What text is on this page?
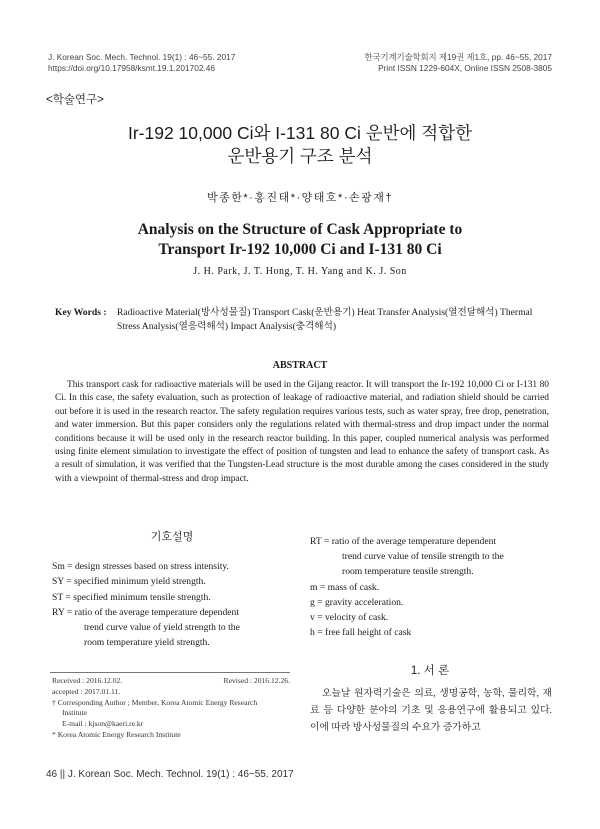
J. Korean Soc. Mech. Technol. 19(1) : 46~55. 2017
https://doi.org/10.17958/ksmt.19.1.201702.46
한국기계기술학회지 제19권 제1호, pp. 46~55, 2017
Print ISSN 1229-604X, Online ISSN 2508-3805
<학술연구>
Ir-192 10,000 Ci와 I-131 80 Ci 운반에 적합한
운반용기 구조 분석
박종한*·홍진태*·양태호*·손광재†
Analysis on the Structure of Cask Appropriate to
Transport Ir-192 10,000 Ci and I-131 80 Ci
J. H. Park, J. T. Hong, T. H. Yang and K. J. Son
Key Words :	Radioactive Material(방사성물질) Transport Cask(운반용기) Heat Transfer Analysis(열전달해석) Thermal Stress Analysis(열응력해석) Impact Analysis(충격해석)
ABSTRACT
This transport cask for radioactive materials will be used in the Gijang reactor. It will transport the Ir-192 10,000 Ci or I-131 80 Ci. In this case, the safety evaluation, such as protection of leakage of radioactive material, and radiation shield should be carried out before it is used in the research reactor. The safety regulation requires various tests, such as water spray, free drop, penetration, and water immersion. But this paper considers only the regulations related with thermal-stress and drop impact under the normal conditions because it will be used only in the research reactor building. In this paper, coupled numerical analysis was performed using finite element simulation to investigate the effect of position of tungsten and lead to enhance the safety of transport cask. As a result of simulation, it was verified that the Tungsten-Lead structure is the most durable among the cases considered in the study with a viewpoint of thermal-stress and drop impact.
기호설명
Sm = design stresses based on stress intensity.
SY = specified minimum yield strength.
ST = specified minimum tensile strength.
RY = ratio of the average temperature dependent
trend curve value of yield strength to the
room temperature yield strength.
RT = ratio of the average temperature dependent
trend curve value of tensile strength to the
room temperature tensile strength.
m = mass of cask.
g = gravity acceleration.
v = velocity of cask.
h = free fall height of cask
Received : 2016.12.02.	Revised : 2016.12.26.
accepted : 2017.01.11.
† Corresponding Author ; Member, Korea Atomic Energy Research
Institute
E-mail : kjson@kaeri.re.kr
* Korea Atomic Energy Research Institute
1. 서 론
오늘날 원자력기술은 의료, 생명공학, 농학, 물리학, 재료 등 다양한 분야의 기초 및 응용연구에 활용되고 있다. 이에 따라 방사성물질의 수요가 증가하고
46 || J. Korean Soc. Mech. Technol. 19(1) : 46~55. 2017
